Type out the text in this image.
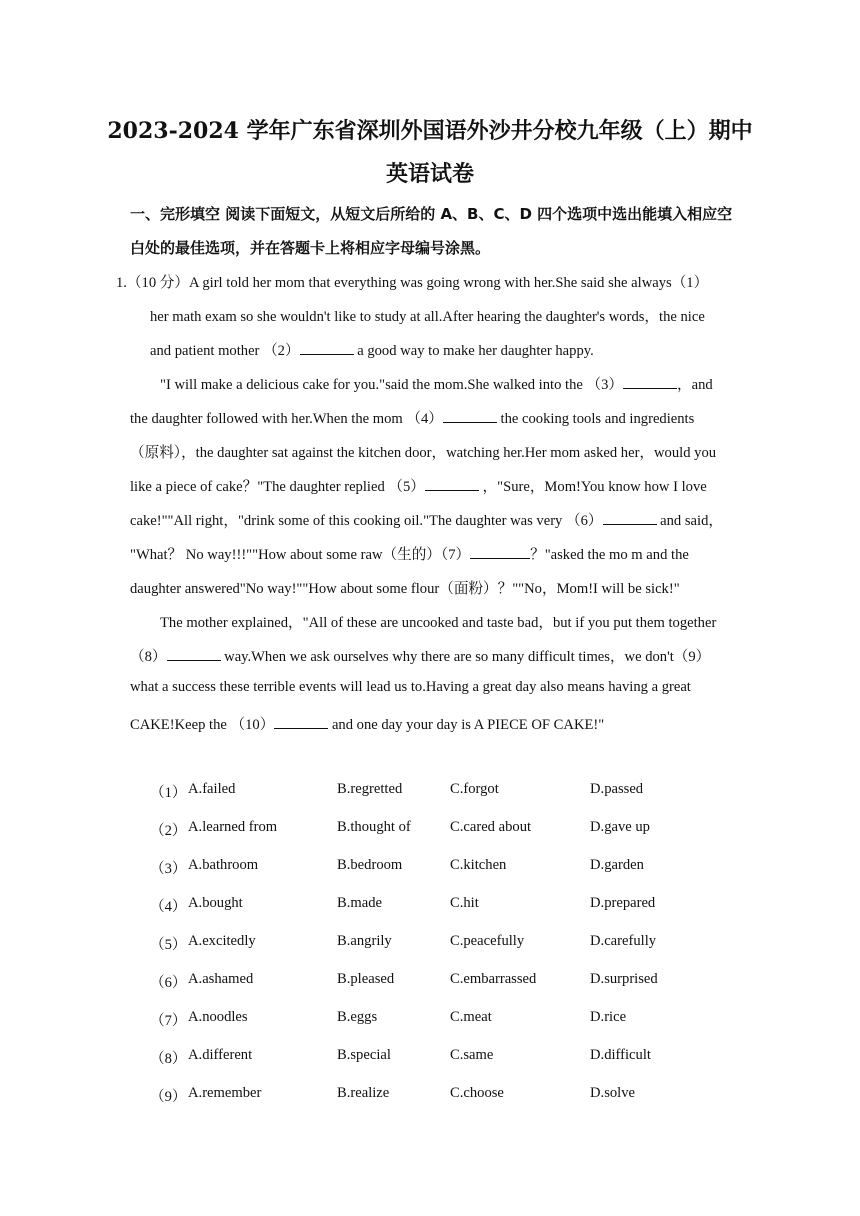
2023-2024 学年广东省深圳外国语外沙井分校九年级（上）期中
英语试卷
一、完形填空 阅读下面短文，从短文后所给的 A、B、C、D 四个选项中选出能填入相应空
白处的最佳选项，并在答题卡上将相应字母编号涂黑。
1.（10 分）A girl told her mom that everything was going wrong with her.She said she always（1）
her math exam so she wouldn't like to study at all.After hearing the daughter's words，the nice
and patient mother （2）	a good way to make her daughter happy.
"I will make a delicious cake for you."said the mom.She walked into the （3）	，and
the daughter followed with her.When the mom （4）	the cooking tools and ingredients
（原料），the daughter sat against the kitchen door，watching her.Her mom asked her，would you
like a piece of cake？"The daughter replied （5）	，"Sure，Mom!You know how I love
cake!""All right，"drink some of this cooking oil."The daughter was very （6）	and said，
"What？ No way!!!""How about some raw（生的）（7）	？"asked the mo m and the
daughter answered"No way!""How about some flour（面粉）？""No，Mom!I will be sick!"
The mother explained，"All of these are uncooked and taste bad，but if you put them together
（8）	way.When we ask ourselves why there are so many difficult times，we don't（9）
what a success these terrible events will lead us to.Having a great day also means having a great
CAKE!Keep the （10）	and one day your day is A PIECE OF CAKE!"
（1） A.failed	B.regretted	C.forgot	D.passed
（2） A.learned from	B.thought of	C.cared about	D.gave up
（3） A.bathroom	B.bedroom	C.kitchen	D.garden
（4） A.bought	B.made	C.hit	D.prepared
（5） A.excitedly	B.angrily	C.peacefully	D.carefully
（6） A.ashamed	B.pleased	C.embarrassed	D.surprised
（7） A.noodles	B.eggs	C.meat	D.rice
（8） A.different	B.special	C.same	D.difficult
（9） A.remember	B.realize	C.choose	D.solve
